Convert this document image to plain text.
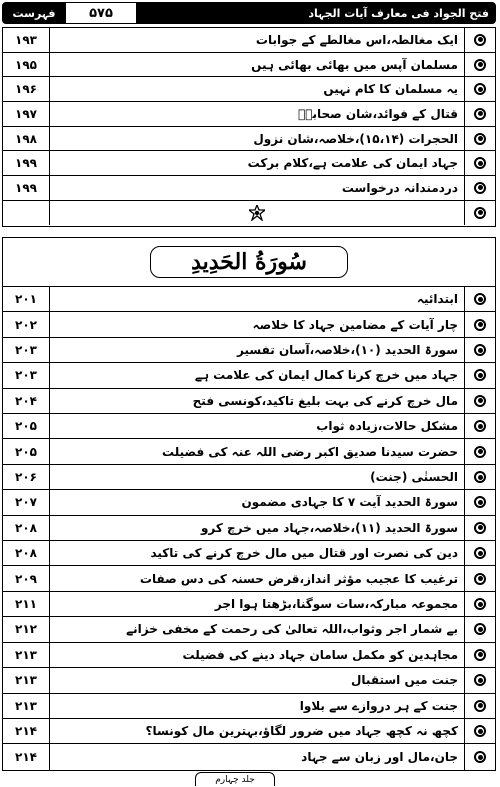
فہرست	۵۷۵	فتح الجواد فی معارف آیات الجہاد
ایک مغالطہ،اس مغالطے کے جوابات
۱۹۳
مسلمان آپس میں بھائی بھائی ہیں
۱۹۵
یہ مسلمان کا کام نہیں
۱۹۶
قتال کے فوائد،شان صحابہؓ
۱۹۷
الحجرات (۱۵،۱۴)،خلاصہ،شان نزول
۱۹۸
جہاد ایمان کی علامت ہے،کلام برکت
۱۹۹
دردمندانہ درخواست
۱۹۹
سُورَةُ الحَدِيدِ
ابتدائیہ
۲۰۱
چار آیات کے مضامین جہاد کا خلاصہ
۲۰۲
سورۃ الحدید (۱۰)،خلاصہ،آسان تفسیر
۲۰۳
جہاد میں خرچ کرنا کمال ایمان کی علامت ہے
۲۰۳
مال خرچ کرنے کی بہت بلیغ تاکید،کونسی فتح
۲۰۴
مشکل حالات،زیادہ ثواب
۲۰۵
حضرت سیدنا صدیق اکبر رضی اللہ عنہ کی فضیلت
۲۰۵
الحسنٰی (جنت)
۲۰۶
سورۃ الحدید آیت ۷ کا جہادی مضمون
۲۰۷
سورۃ الحدید (۱۱)،خلاصہ،جہاد میں خرچ کرو
۲۰۸
دین کی نصرت اور قتال میں مال خرچ کرنے کی تاکید
۲۰۸
ترغیب کا عجیب مؤثر انداز،قرض حسنہ کی دس صفات
۲۰۹
مجموعہ مبارکہ،سات سوگنا،بڑھتا ہوا اجر
۲۱۱
بے شمار اجر وثواب،اللہ تعالیٰ کی رحمت کے مخفی خزانے
۲۱۲
مجاہدین کو مکمل سامان جہاد دینے کی فضیلت
۲۱۳
جنت میں استقبال
۲۱۳
جنت کے ہر دروازے سے بلاوا
۲۱۳
کچھ نہ کچھ جہاد میں ضرور لگاؤ،بہترین مال کونسا؟
۲۱۴
جان،مال اور زبان سے جہاد
۲۱۴
جلد چہارم
